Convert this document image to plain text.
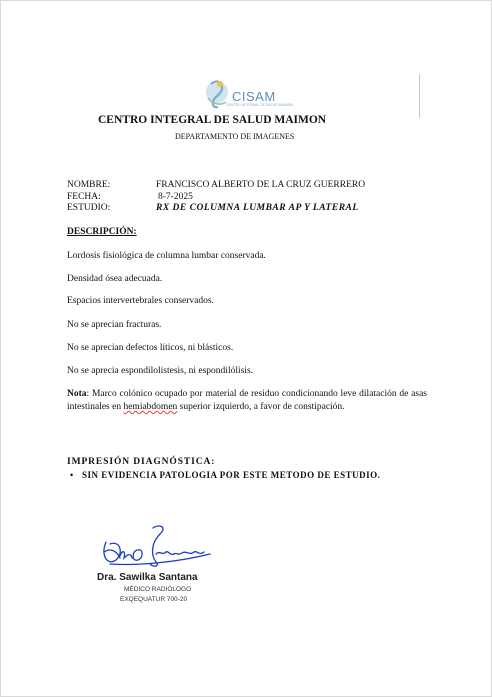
CISAM
CENTRO INTEGRAL DE SALUD MAIMON
CENTRO INTEGRAL DE SALUD MAIMON
DEPARTAMENTO DE IMAGENES
NOMBRE:	FRANCISCO ALBERTO DE LA CRUZ GUERRERO
FECHA:	8-7-2025
ESTUDIO:	RX DE COLUMNA LUMBAR AP Y LATERAL
DESCRIPCIÓN:
Lordosis fisiológica de columna lumbar conservada.
Densidad ósea adecuada.
Espacios intervertebrales conservados.
No se aprecian fracturas.
No se aprecian defectos líticos, ni blásticos.
No se aprecia espondilolistesis, ni espondilólisis.
Nota: Marco colónico ocupado por material de residuo condicionando leve dilatación de asas intestinales en hemiabdomen superior izquierdo, a favor de constipación.
IMPRESIÓN DIAGNÓSTICA:
• SIN EVIDENCIA PATOLOGIA POR ESTE METODO DE ESTUDIO.
Dra. Sawilka Santana
MÉDICO RADIÓLOGO
EXQEQUATUR 700-20
